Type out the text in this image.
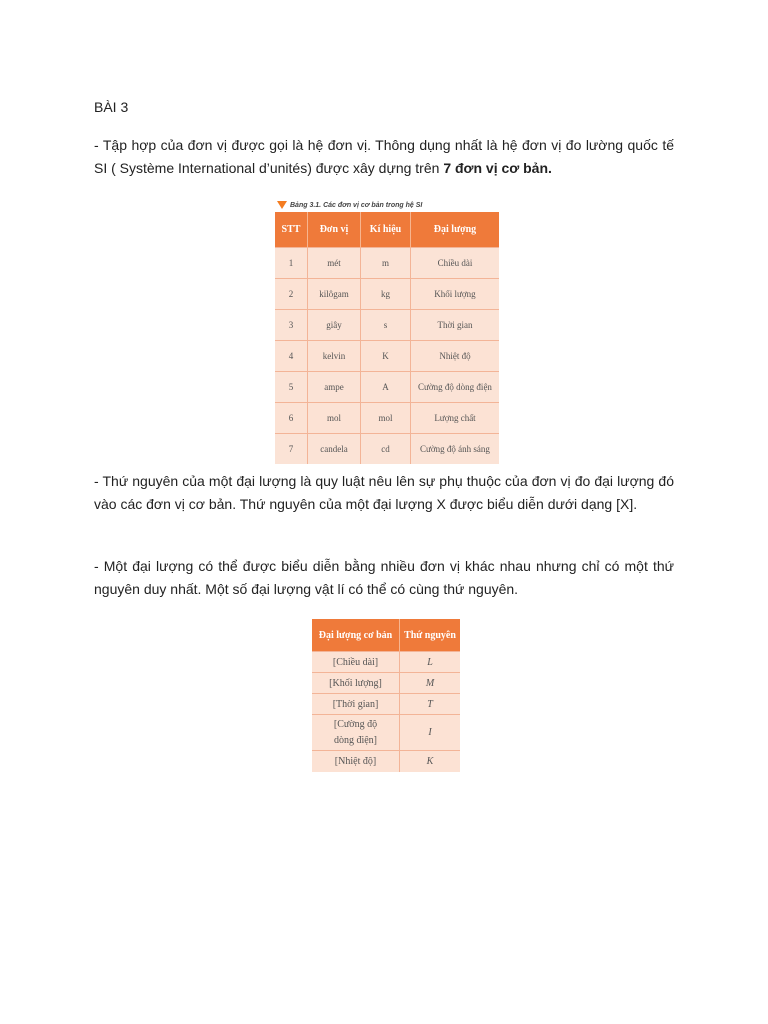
BÀI 3
- Tập hợp của đơn vị được gọi là hệ đơn vị. Thông dụng nhất là hệ đơn vị đo lường quốc tế SI ( Système International d’unités) được xây dựng trên 7 đơn vị cơ bản.
Bảng 3.1. Các đơn vị cơ bản trong hệ SI
STT	Đơn vị	Kí hiệu	Đại lượng
1	mét	m	Chiều dài
2	kilôgam	kg	Khối lượng
3	giây	s	Thời gian
4	kelvin	K	Nhiệt độ
5	ampe	A	Cường độ dòng điện
6	mol	mol	Lượng chất
7	candela	cd	Cường độ ánh sáng
- Thứ nguyên của một đại lượng là quy luật nêu lên sự phụ thuộc của đơn vị đo đại lượng đó vào các đơn vị cơ bản. Thứ nguyên của một đại lượng X được biểu diễn dưới dạng [X].
- Một đại lượng có thể được biểu diễn bằng nhiều đơn vị khác nhau nhưng chỉ có một thứ nguyên duy nhất. Một số đại lượng vật lí có thể có cùng thứ nguyên.
Đại lượng cơ bản	Thứ nguyên
[Chiều dài]	L
[Khối lượng]	M
[Thời gian]	T
[Cường độ dòng điện]	I
[Nhiệt độ]	K
